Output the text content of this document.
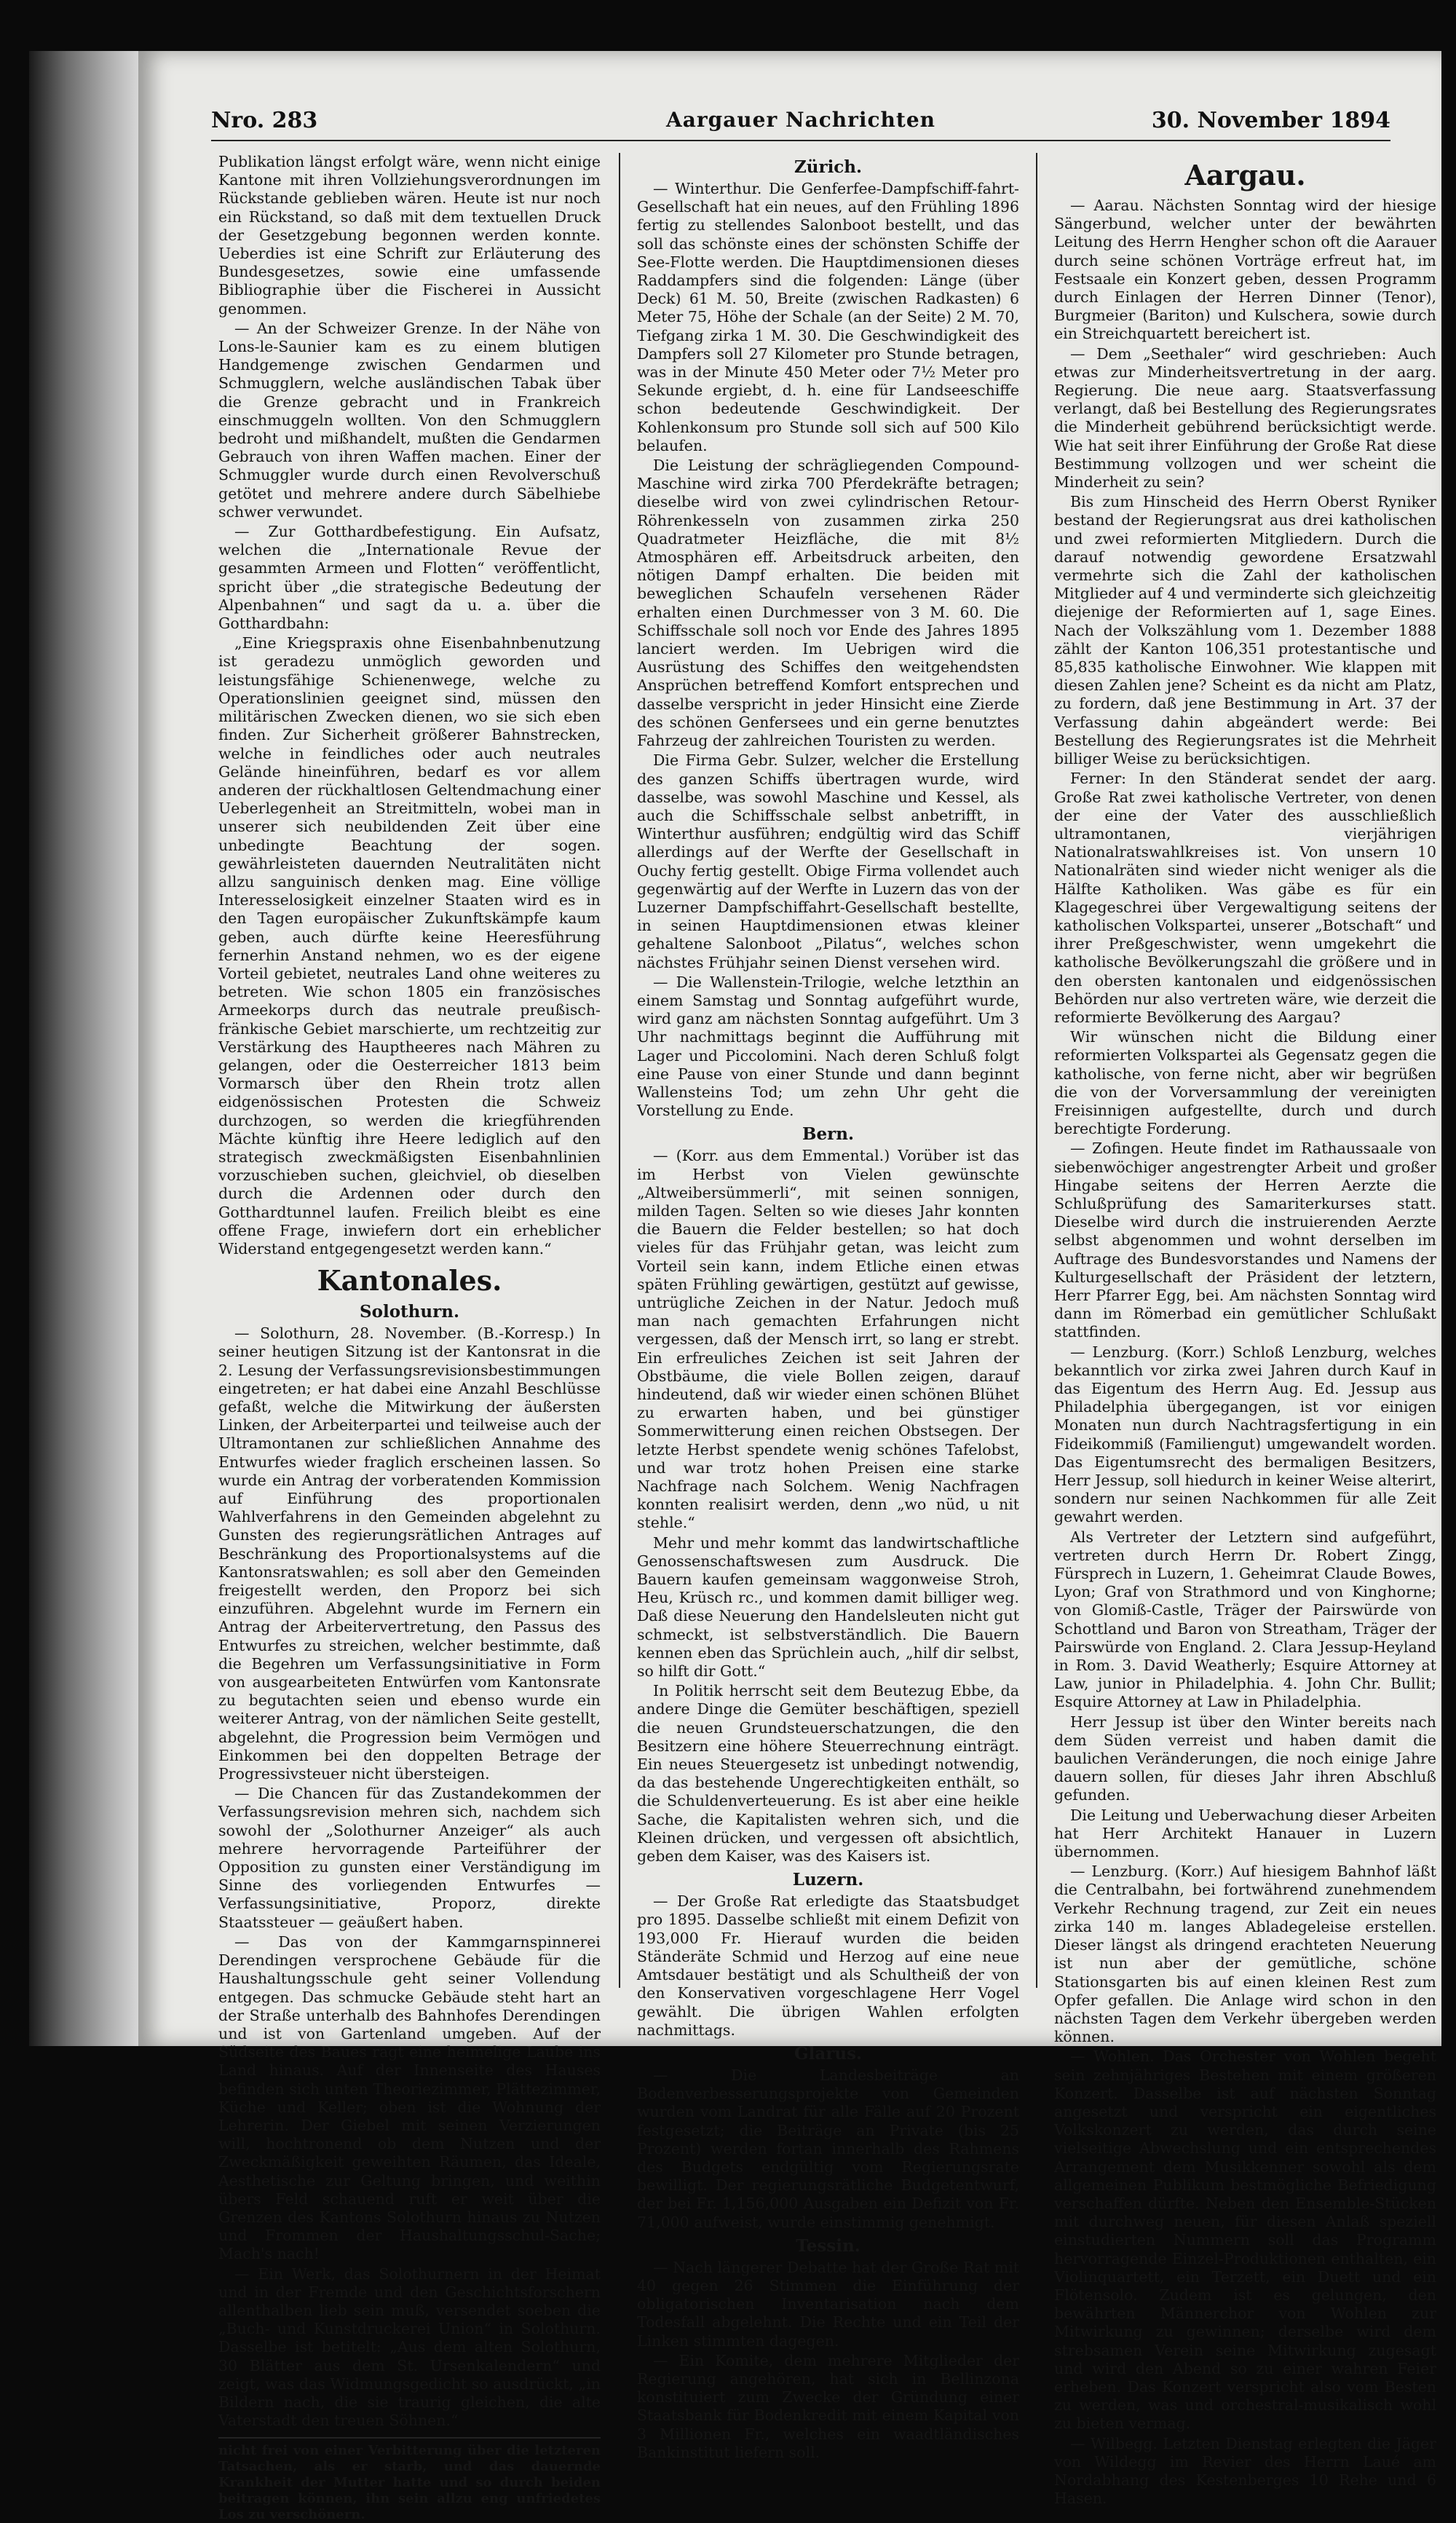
Nro. 283	Aargauer Nachrichten	30. November 1894

Publikation längst erfolgt wäre, wenn nicht einige Kantone mit ihren Vollziehungsverordnungen im Rückstande geblieben wären. Heute ist nur noch ein Rückstand, so daß mit dem textuellen Druck der Gesetzgebung begonnen werden konnte. Ueberdies ist eine Schrift zur Erläuterung des Bundesgesetzes, sowie eine umfassende Bibliographie über die Fischerei in Aussicht genommen.

— An der Schweizer Grenze. In der Nähe von Lons-le-Saunier kam es zu einem blutigen Handgemenge zwischen Gendarmen und Schmugglern, welche ausländischen Tabak über die Grenze gebracht und in Frankreich einschmuggeln wollten. Von den Schmugglern bedroht und mißhandelt, mußten die Gendarmen Gebrauch von ihren Waffen machen. Einer der Schmuggler wurde durch einen Revolverschuß getötet und mehrere andere durch Säbelhiebe schwer verwundet.

— Zur Gotthardbefestigung. Ein Aufsatz, welchen die „Internationale Revue der gesammten Armeen und Flotten“ veröffentlicht, spricht über „die strategische Bedeutung der Alpenbahnen“ und sagt da u. a. über die Gotthardbahn:

„Eine Kriegspraxis ohne Eisenbahnbenutzung ist geradezu unmöglich geworden und leistungsfähige Schienenwege, welche zu Operationslinien geeignet sind, müssen den militärischen Zwecken dienen, wo sie sich eben finden. Zur Sicherheit größerer Bahnstrecken, welche in feindliches oder auch neutrales Gelände hineinführen, bedarf es vor allem anderen der rückhaltlosen Geltendmachung einer Ueberlegenheit an Streitmitteln, wobei man in unserer sich neubildenden Zeit über eine unbedingte Beachtung der sogen. gewährleisteten dauernden Neutralitäten nicht allzu sanguinisch denken mag. Eine völlige Interesselosigkeit einzelner Staaten wird es in den Tagen europäischer Zukunftskämpfe kaum geben, auch dürfte keine Heeresführung fernerhin Anstand nehmen, wo es der eigene Vorteil gebietet, neutrales Land ohne weiteres zu betreten. Wie schon 1805 ein französisches Armeekorps durch das neutrale preußisch-fränkische Gebiet marschierte, um rechtzeitig zur Verstärkung des Hauptheeres nach Mähren zu gelangen, oder die Oesterreicher 1813 beim Vormarsch über den Rhein trotz allen eidgenössischen Protesten die Schweiz durchzogen, so werden die kriegführenden Mächte künftig ihre Heere lediglich auf den strategisch zweckmäßigsten Eisenbahnlinien vorzuschieben suchen, gleichviel, ob dieselben durch die Ardennen oder durch den Gotthardtunnel laufen. Freilich bleibt es eine offene Frage, inwiefern dort ein erheblicher Widerstand entgegengesetzt werden kann.“

Kantonales.
Solothurn.

— Solothurn, 28. November. (B.-Korresp.) In seiner heutigen Sitzung ist der Kantonsrat in die 2. Lesung der Verfassungsrevisionsbestimmungen eingetreten; er hat dabei eine Anzahl Beschlüsse gefaßt, welche die Mitwirkung der äußersten Linken, der Arbeiterpartei und teilweise auch der Ultramontanen zur schließlichen Annahme des Entwurfes wieder fraglich erscheinen lassen. So wurde ein Antrag der vorberatenden Kommission auf Einführung des proportionalen Wahlverfahrens in den Gemeinden abgelehnt zu Gunsten des regierungsrätlichen Antrages auf Beschränkung des Proportionalsystems auf die Kantonsratswahlen; es soll aber den Gemeinden freigestellt werden, den Proporz bei sich einzuführen. Abgelehnt wurde im Fernern ein Antrag der Arbeitervertretung, den Passus des Entwurfes zu streichen, welcher bestimmte, daß die Begehren um Verfassungsinitiative in Form von ausgearbeiteten Entwürfen vom Kantonsrate zu begutachten seien und ebenso wurde ein weiterer Antrag, von der nämlichen Seite gestellt, abgelehnt, die Progression beim Vermögen und Einkommen bei den doppelten Betrage der Progressivsteuer nicht übersteigen.

— Die Chancen für das Zustandekommen der Verfassungsrevision mehren sich, nachdem sich sowohl der „Solothurner Anzeiger“ als auch mehrere hervorragende Parteiführer der Opposition zu gunsten einer Verständigung im Sinne des vorliegenden Entwurfes — Verfassungsinitiative, Proporz, direkte Staatssteuer — geäußert haben.

— Das von der Kammgarnspinnerei Derendingen versprochene Gebäude für die Haushaltungsschule geht seiner Vollendung entgegen. Das schmucke Gebäude steht hart an der Straße unterhalb des Bahnhofes Derendingen und ist von Gartenland umgeben. Auf der Südseite des Baues ragt eine heimelige Laube ins Land hinaus. Auf der Innenseite des Hauses befinden sich unten Theoriezimmer, Plättezimmer, Küche und Keller; oben ist die Wohnung der Lehrerin. Der Giebel mit seinen Verzierungen will, hochtronend ob dem Nutzen und der Zweckmäßigkeit geweihten Räumen, das Ideale, Aesthetische zur Geltung bringen, und weithin übers Feld schauend ruft er weit über die Grenzen des Kantons Solothurn hinaus zu Nutzen und Frommen der Haushaltungsschul-Sache; Mach's nach!

— Ein Werk, das Solothurnern in der Heimat und in der Fremde und den Geschichtsforschern allenthalben lieb sein muß, versendet soeben die „Buch- und Kunstdruckerei Union“ in Solothurn. Dasselbe ist betitelt: „Aus dem alten Solothurn, 30 Blätter aus dem St. Ursenkalendern“ und zeigt, was das Widmungsgedicht so ausdrückt, „in Bildern nach, die sie traurig gleichen, die alte Vaterstadt den treuen Söhnen.“

nicht frei von einer Verbitterung über die letzteren Tatsachen, als er starb, und das dauernde Krankheit der Mutter hatte und so durch beiden beitragen können, ihn sein allzu eng unfriedetes Los zu verschönern.

Zürich.

— Winterthur. Die Genferfee-Dampfschiff-fahrt-Gesellschaft hat ein neues, auf den Frühling 1896 fertig zu stellendes Salonboot bestellt, und das soll das schönste eines der schönsten Schiffe der See-Flotte werden. Die Hauptdimensionen dieses Raddampfers sind die folgenden: Länge (über Deck) 61 M. 50, Breite (zwischen Radkasten) 6 Meter 75, Höhe der Schale (an der Seite) 2 M. 70, Tiefgang zirka 1 M. 30. Die Geschwindigkeit des Dampfers soll 27 Kilometer pro Stunde betragen, was in der Minute 450 Meter oder 7½ Meter pro Sekunde ergiebt, d. h. eine für Landseeschiffe schon bedeutende Geschwindigkeit. Der Kohlenkonsum pro Stunde soll sich auf 500 Kilo belaufen.

Die Leistung der schrägliegenden Compound-Maschine wird zirka 700 Pferdekräfte betragen; dieselbe wird von zwei cylindrischen Retour-Röhrenkesseln von zusammen zirka 250 Quadratmeter Heizfläche, die mit 8½ Atmosphären eff. Arbeitsdruck arbeiten, den nötigen Dampf erhalten. Die beiden mit beweglichen Schaufeln versehenen Räder erhalten einen Durchmesser von 3 M. 60. Die Schiffsschale soll noch vor Ende des Jahres 1895 lanciert werden. Im Uebrigen wird die Ausrüstung des Schiffes den weitgehendsten Ansprüchen betreffend Komfort entsprechen und dasselbe verspricht in jeder Hinsicht eine Zierde des schönen Genfersees und ein gerne benutztes Fahrzeug der zahlreichen Touristen zu werden.

Die Firma Gebr. Sulzer, welcher die Erstellung des ganzen Schiffs übertragen wurde, wird dasselbe, was sowohl Maschine und Kessel, als auch die Schiffsschale selbst anbetrifft, in Winterthur ausführen; endgültig wird das Schiff allerdings auf der Werfte der Gesellschaft in Ouchy fertig gestellt. Obige Firma vollendet auch gegenwärtig auf der Werfte in Luzern das von der Luzerner Dampfschiffahrt-Gesellschaft bestellte, in seinen Hauptdimensionen etwas kleiner gehaltene Salonboot „Pilatus“, welches schon nächstes Frühjahr seinen Dienst versehen wird.

— Die Wallenstein-Trilogie, welche letzthin an einem Samstag und Sonntag aufgeführt wurde, wird ganz am nächsten Sonntag aufgeführt. Um 3 Uhr nachmittags beginnt die Aufführung mit Lager und Piccolomini. Nach deren Schluß folgt eine Pause von einer Stunde und dann beginnt Wallensteins Tod; um zehn Uhr geht die Vorstellung zu Ende.

Bern.

— (Korr. aus dem Emmental.) Vorüber ist das im Herbst von Vielen gewünschte „Altweibersümmerli“, mit seinen sonnigen, milden Tagen. Selten so wie dieses Jahr konnten die Bauern die Felder bestellen; so hat doch vieles für das Frühjahr getan, was leicht zum Vorteil sein kann, indem Etliche einen etwas späten Frühling gewärtigen, gestützt auf gewisse, untrügliche Zeichen in der Natur. Jedoch muß man nach gemachten Erfahrungen nicht vergessen, daß der Mensch irrt, so lang er strebt. Ein erfreuliches Zeichen ist seit Jahren der Obstbäume, die viele Bollen zeigen, darauf hindeutend, daß wir wieder einen schönen Blühet zu erwarten haben, und bei günstiger Sommerwitterung einen reichen Obstsegen. Der letzte Herbst spendete wenig schönes Tafelobst, und war trotz hohen Preisen eine starke Nachfrage nach Solchem. Wenig Nachfragen konnten realisirt werden, denn „wo nüd, u nit stehle.“

Mehr und mehr kommt das landwirtschaftliche Genossenschaftswesen zum Ausdruck. Die Bauern kaufen gemeinsam waggonweise Stroh, Heu, Krüsch rc., und kommen damit billiger weg. Daß diese Neuerung den Handelsleuten nicht gut schmeckt, ist selbstverständlich. Die Bauern kennen eben das Sprüchlein auch, „hilf dir selbst, so hilft dir Gott.“

In Politik herrscht seit dem Beutezug Ebbe, da andere Dinge die Gemüter beschäftigen, speziell die neuen Grundsteuerschatzungen, die den Besitzern eine höhere Steuerrechnung einträgt. Ein neues Steuergesetz ist unbedingt notwendig, da das bestehende Ungerechtigkeiten enthält, so die Schuldenverteuerung. Es ist aber eine heikle Sache, die Kapitalisten wehren sich, und die Kleinen drücken, und vergessen oft absichtlich, geben dem Kaiser, was des Kaisers ist.

Luzern.

— Der Große Rat erledigte das Staatsbudget pro 1895. Dasselbe schließt mit einem Defizit von 193,000 Fr. Hierauf wurden die beiden Ständeräte Schmid und Herzog auf eine neue Amtsdauer bestätigt und als Schultheiß der von den Konservativen vorgeschlagene Herr Vogel gewählt. Die übrigen Wahlen erfolgten nachmittags.

Glarus.

— Die Landesbeiträge an Bodenverbesserungsprojekte von Gemeinden wurden vom Landrat für alle Fälle auf 20 Prozent festgesetzt; die Beiträge an Private (bis 25 Prozent) werden fortan innerhalb des Rahmens des Budgets endgültig vom Regierungsrate bewilligt. Der regierungsrätliche Budgetentwurf, der bei Fr. 1,156,000 Ausgaben ein Defizit von Fr. 71,000 aufweist, wurde einstimmig genehmigt.

Tessin.

— Nach längerer Debatte hat der Große Rat mit 40 gegen 26 Stimmen die Einführung der obligatorischen Inventarisation nach dem Todesfall abgelehnt. Die Rechte und ein Teil der Linken stimmten dagegen.

— Ein Komite, dem mehrere Mitglieder der Regierung angehören, hat sich in Bellinzona konstituiert zum Zwecke der Gründung einer Staatsbank für Bodenkredit mit einem Kapital von 3 Millionen Fr., welches ein waadtländisches Bankinstitut liefern soll.

Aargau.

— Aarau. Nächsten Sonntag wird der hiesige Sängerbund, welcher unter der bewährten Leitung des Herrn Hengher schon oft die Aarauer durch seine schönen Vorträge erfreut hat, im Festsaale ein Konzert geben, dessen Programm durch Einlagen der Herren Dinner (Tenor), Burgmeier (Bariton) und Kulschera, sowie durch ein Streichquartett bereichert ist.

— Dem „Seethaler“ wird geschrieben: Auch etwas zur Minderheitsvertretung in der aarg. Regierung. Die neue aarg. Staatsverfassung verlangt, daß bei Bestellung des Regierungsrates die Minderheit gebührend berücksichtigt werde. Wie hat seit ihrer Einführung der Große Rat diese Bestimmung vollzogen und wer scheint die Minderheit zu sein?

Bis zum Hinscheid des Herrn Oberst Ryniker bestand der Regierungsrat aus drei katholischen und zwei reformierten Mitgliedern. Durch die darauf notwendig gewordene Ersatzwahl vermehrte sich die Zahl der katholischen Mitglieder auf 4 und verminderte sich gleichzeitig diejenige der Reformierten auf 1, sage Eines. Nach der Volkszählung vom 1. Dezember 1888 zählt der Kanton 106,351 protestantische und 85,835 katholische Einwohner. Wie klappen mit diesen Zahlen jene? Scheint es da nicht am Platz, zu fordern, daß jene Bestimmung in Art. 37 der Verfassung dahin abgeändert werde: Bei Bestellung des Regierungsrates ist die Mehrheit billiger Weise zu berücksichtigen.

Ferner: In den Ständerat sendet der aarg. Große Rat zwei katholische Vertreter, von denen der eine der Vater des ausschließlich ultramontanen, vierjährigen Nationalratswahlkreises ist. Von unsern 10 Nationalräten sind wieder nicht weniger als die Hälfte Katholiken. Was gäbe es für ein Klagegeschrei über Vergewaltigung seitens der katholischen Volkspartei, unserer „Botschaft“ und ihrer Preßgeschwister, wenn umgekehrt die katholische Bevölkerungszahl die größere und in den obersten kantonalen und eidgenössischen Behörden nur also vertreten wäre, wie derzeit die reformierte Bevölkerung des Aargau?

Wir wünschen nicht die Bildung einer reformierten Volkspartei als Gegensatz gegen die katholische, von ferne nicht, aber wir begrüßen die von der Vorversammlung der vereinigten Freisinnigen aufgestellte, durch und durch berechtigte Forderung.

— Zofingen. Heute findet im Rathaussaale von siebenwöchiger angestrengter Arbeit und großer Hingabe seitens der Herren Aerzte die Schlußprüfung des Samariterkurses statt. Dieselbe wird durch die instruierenden Aerzte selbst abgenommen und wohnt derselben im Auftrage des Bundesvorstandes und Namens der Kulturgesellschaft der Präsident der letztern, Herr Pfarrer Egg, bei. Am nächsten Sonntag wird dann im Römerbad ein gemütlicher Schlußakt stattfinden.

— Lenzburg. (Korr.) Schloß Lenzburg, welches bekanntlich vor zirka zwei Jahren durch Kauf in das Eigentum des Herrn Aug. Ed. Jessup aus Philadelphia übergegangen, ist vor einigen Monaten nun durch Nachtragsfertigung in ein Fideikommiß (Familiengut) umgewandelt worden. Das Eigentumsrecht des bermaligen Besitzers, Herr Jessup, soll hiedurch in keiner Weise alterirt, sondern nur seinen Nachkommen für alle Zeit gewahrt werden.

Als Vertreter der Letztern sind aufgeführt, vertreten durch Herrn Dr. Robert Zingg, Fürsprech in Luzern, 1. Geheimrat Claude Bowes, Lyon; Graf von Strathmord und von Kinghorne; von Glomiß-Castle, Träger der Pairswürde von Schottland und Baron von Streatham, Träger der Pairswürde von England. 2. Clara Jessup-Heyland in Rom. 3. David Weatherly; Esquire Attorney at Law, junior in Philadelphia. 4. John Chr. Bullit; Esquire Attorney at Law in Philadelphia.

Herr Jessup ist über den Winter bereits nach dem Süden verreist und haben damit die baulichen Veränderungen, die noch einige Jahre dauern sollen, für dieses Jahr ihren Abschluß gefunden.

Die Leitung und Ueberwachung dieser Arbeiten hat Herr Architekt Hanauer in Luzern übernommen.

— Lenzburg. (Korr.) Auf hiesigem Bahnhof läßt die Centralbahn, bei fortwährend zunehmendem Verkehr Rechnung tragend, zur Zeit ein neues zirka 140 m. langes Abladegeleise erstellen. Dieser längst als dringend erachteten Neuerung ist nun aber der gemütliche, schöne Stationsgarten bis auf einen kleinen Rest zum Opfer gefallen. Die Anlage wird schon in den nächsten Tagen dem Verkehr übergeben werden können.

— Wohlen. Das Orchester von Wohlen begeht sein zehnjähriges Bestehen mit einem größeren Konzert. Dasselbe ist auf nächsten Sonntag angesetzt und verspricht ein eigentliches Volkskonzert zu werden, das durch seine vielseitige Abwechslung und ein entsprechendes Arrangement dem Musikkenner sowohl als dem allgemeinen Publikum bestmögliche Befriedigung verschaffen dürfte. Neben den Ensemble-Stücken mit durchweg neuen, für diesen Anlaß speziell einstudierten Nummern soll das Programm hervorragende Einzel-Produktionen enthalten, ein Violinquartett, ein Terzett, ein Duett und ein Flötensolo. Zudem ist es gelungen, den bewährten Männerchor von Wohlen zur Mitwirkung zu gewinnen; derselbe wird dem strebsamen Verein seine Mitwirkung zugesagt und wird den Abend so zu einer wahren Feier erheben. Das Konzert verspricht also vom Besten zu werden, was und orchestral-musikalisch wohl zu bieten vermag.

— Wilbegg. Letzten Dienstag erlegten die Jäger von Wildegg im Revier des Herrn Laué am Nordabhang des Kestenberges 10 Rehe und 6 Hasen.
